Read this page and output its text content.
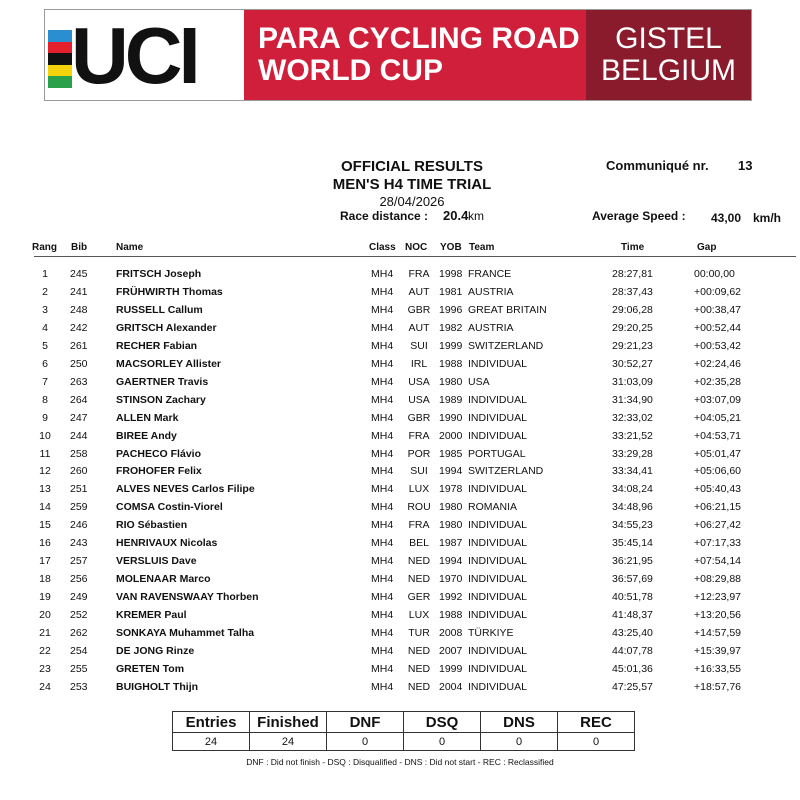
UCI PARA CYCLING ROAD
WORLD CUP
GISTEL
BELGIUM
OFFICIAL RESULTS
MEN'S H4 TIME TRIAL
28/04/2026
Communiqué nr. 13
Race distance : 20.4 km	Average Speed : 43,00 km/h
Rang Bib	Name	Class NOC YOB Team	Time	Gap
1	245	FRITSCH Joseph	MH4	FRA 1998 FRANCE	28:27,81	00:00,00
2	241	FRÜHWIRTH Thomas	MH4	AUT 1981 AUSTRIA	28:37,43	+00:09,62
3	248	RUSSELL Callum	MH4	GBR 1996 GREAT BRITAIN	29:06,28	+00:38,47
4	242	GRITSCH Alexander	MH4	AUT 1982 AUSTRIA	29:20,25	+00:52,44
5	261	RECHER Fabian	MH4	SUI	1999 SWITZERLAND	29:21,23	+00:53,42
6	250	MACSORLEY Allister	MH4	IRL	1988 INDIVIDUAL	30:52,27	+02:24,46
7	263	GAERTNER Travis	MH4	USA 1980 USA	31:03,09	+02:35,28
8	264	STINSON Zachary	MH4	USA 1989 INDIVIDUAL	31:34,90	+03:07,09
9	247	ALLEN Mark	MH4	GBR 1990 INDIVIDUAL	32:33,02	+04:05,21
10	244	BIREE Andy	MH4	FRA 2000 INDIVIDUAL	33:21,52	+04:53,71
11	258	PACHECO Flávio	MH4	POR 1985 PORTUGAL	33:29,28	+05:01,47
12	260	FROHOFER Felix	MH4	SUI	1994 SWITZERLAND	33:34,41	+05:06,60
13	251	ALVES NEVES Carlos Filipe	MH4	LUX 1978 INDIVIDUAL	34:08,24	+05:40,43
14	259	COMSA Costin-Viorel	MH4	ROU 1980 ROMANIA	34:48,96	+06:21,15
15	246	RIO Sébastien	MH4	FRA 1980 INDIVIDUAL	34:55,23	+06:27,42
16	243	HENRIVAUX Nicolas	MH4	BEL 1987 INDIVIDUAL	35:45,14	+07:17,33
17	257	VERSLUIS Dave	MH4	NED 1994 INDIVIDUAL	36:21,95	+07:54,14
18	256	MOLENAAR Marco	MH4	NED 1970 INDIVIDUAL	36:57,69	+08:29,88
19	249	VAN RAVENSWAAY Thorben	MH4	GER 1992 INDIVIDUAL	40:51,78	+12:23,97
20	252	KREMER Paul	MH4	LUX 1988 INDIVIDUAL	41:48,37	+13:20,56
21	262	SONKAYA Muhammet Talha	MH4	TUR 2008 TÜRKIYE	43:25,40	+14:57,59
22	254	DE JONG Rinze	MH4	NED 2007 INDIVIDUAL	44:07,78	+15:39,97
23	255	GRETEN Tom	MH4	NED 1999 INDIVIDUAL	45:01,36	+16:33,55
24	253	BUIGHOLT Thijn	MH4	NED 2004 INDIVIDUAL	47:25,57	+18:57,76
Entries	Finished	DNF	DSQ	DNS	REC
24	24	0	0	0	0
DNF : Did not finish - DSQ : Disqualified - DNS : Did not start - REC : Reclassified
